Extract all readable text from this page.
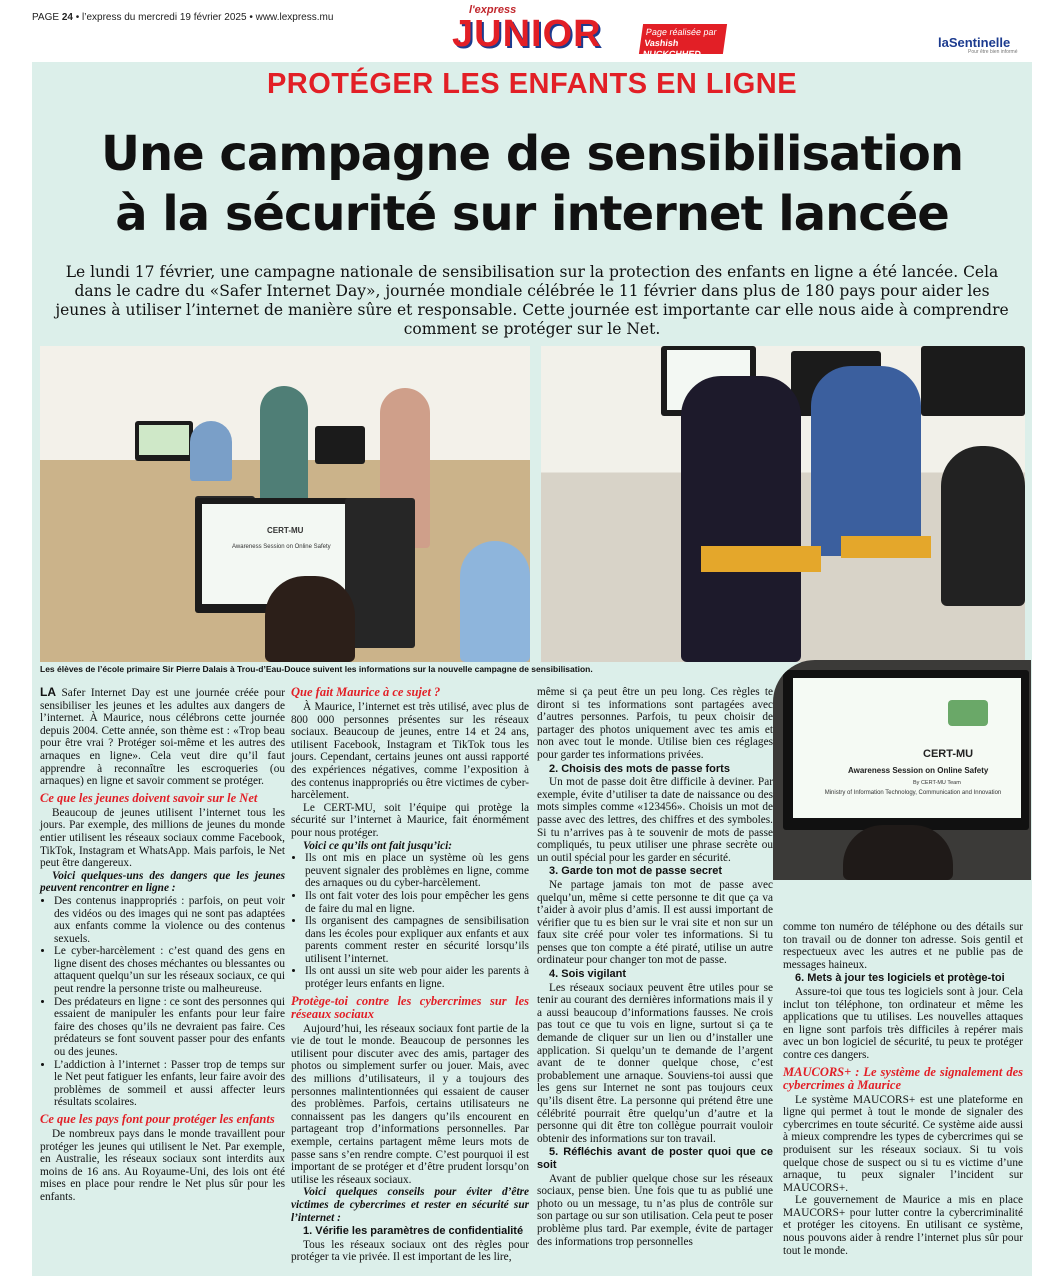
PAGE 24 • l’express du mercredi 19 février 2025 • www.lexpress.mu
l'express
JUNIOR	Page réalisée par
Vashish NUCKCHHED
laSentinelle
Pour être bien informé
PROTÉGER LES ENFANTS EN LIGNE
Une campagne de sensibilisation
à la sécurité sur internet lancée
Le lundi 17 février, une campagne nationale de sensibilisation sur la protection des enfants en ligne a été lancée. Cela dans le cadre du «Safer Internet Day», journée mondiale célébrée le 11 février dans plus de 180 pays pour aider les jeunes à utiliser l’internet de manière sûre et responsable. Cette journée est importante car elle nous aide à comprendre comment se protéger sur le Net.
CERT-MU
Awareness Session on Online Safety
Les élèves de l’école primaire Sir Pierre Dalais à Trou-d’Eau-Douce suivent les informations sur la nouvelle campagne de sensibilisation.
CERT-MU
Awareness Session on Online Safety
By CERT-MU Team
Ministry of Information Technology, Communication and Innovation

LA Safer Internet Day est une journée créée pour sensibiliser les jeunes et les adultes aux dangers de l’internet. À Maurice, nous célébrons cette journée depuis 2004. Cette année, son thème est : «Trop beau pour être vrai ? Protéger soi-même et les autres des arnaques en ligne». Cela veut dire qu’il faut apprendre à reconnaître les escroqueries (ou arnaques) en ligne et savoir comment se protéger.

Ce que les jeunes doivent savoir sur le Net

Beaucoup de jeunes utilisent l’internet tous les jours. Par exemple, des millions de jeunes du monde entier utilisent les réseaux sociaux comme Facebook, TikTok, Instagram et WhatsApp. Mais parfois, le Net peut être dangereux.

Voici quelques-uns des dangers que les jeunes peuvent rencontrer en ligne :

• Des contenus inappropriés : parfois, on peut voir des vidéos ou des images qui ne sont pas adaptées aux enfants comme la violence ou des contenus sexuels.
• Le cyber-harcèlement : c’est quand des gens en ligne disent des choses méchantes ou blessantes ou attaquent quelqu’un sur les réseaux sociaux, ce qui peut rendre la personne triste ou malheureuse.
• Des prédateurs en ligne : ce sont des personnes qui essaient de manipuler les enfants pour leur faire faire des choses qu’ils ne devraient pas faire. Ces prédateurs se font souvent passer pour des enfants ou des jeunes.
• L’addiction à l’internet : Passer trop de temps sur le Net peut fatiguer les enfants, leur faire avoir des problèmes de sommeil et aussi affecter leurs résultats scolaires.
Ce que les pays font pour protéger les enfants

De nombreux pays dans le monde travaillent pour protéger les jeunes qui utilisent le Net. Par exemple, en Australie, les réseaux sociaux sont interdits aux moins de 16 ans. Au Royaume-Uni, des lois ont été mises en place pour rendre le Net plus sûr pour les enfants.

Que fait Maurice à ce sujet ?

À Maurice, l’internet est très utilisé, avec plus de 800 000 personnes présentes sur les réseaux sociaux. Beaucoup de jeunes, entre 14 et 24 ans, utilisent Facebook, Instagram et TikTok tous les jours. Cependant, certains jeunes ont aussi rapporté des expériences négatives, comme l’exposition à des contenus inappropriés ou être victimes de cyber-harcèlement.

Le CERT-MU, soit l’équipe qui protège la sécurité sur l’internet à Maurice, fait énormément pour nous protéger.

Voici ce qu’ils ont fait jusqu’ici:

• Ils ont mis en place un système où les gens peuvent signaler des problèmes en ligne, comme des arnaques ou du cyber-harcèlement.
• Ils ont fait voter des lois pour empêcher les gens de faire du mal en ligne.
• Ils organisent des campagnes de sensibilisation dans les écoles pour expliquer aux enfants et aux parents comment rester en sécurité lorsqu’ils utilisent l’internet.
• Ils ont aussi un site web pour aider les parents à protéger leurs enfants en ligne.
Protège-toi contre les cybercrimes sur les réseaux sociaux

Aujourd’hui, les réseaux sociaux font partie de la vie de tout le monde. Beaucoup de personnes les utilisent pour discuter avec des amis, partager des photos ou simplement surfer ou jouer. Mais, avec des millions d’utilisateurs, il y a toujours des personnes malintentionnées qui essaient de causer des problèmes. Parfois, certains utilisateurs ne connaissent pas les dangers qu’ils encourent en partageant trop d’informations personnelles. Par exemple, certains partagent même leurs mots de passe sans s’en rendre compte. C’est pourquoi il est important de se protéger et d’être prudent lorsqu’on utilise les réseaux sociaux.

Voici quelques conseils pour éviter d’être victimes de cybercrimes et rester en sécurité sur l’internet :

1. Vérifie les paramètres de confidentialité

Tous les réseaux sociaux ont des règles pour protéger ta vie privée. Il est important de les lire,

même si ça peut être un peu long. Ces règles te diront si tes informations sont partagées avec d’autres personnes. Parfois, tu peux choisir de partager des photos uniquement avec tes amis et non avec tout le monde. Utilise bien ces réglages pour garder tes informations privées.

2. Choisis des mots de passe forts

Un mot de passe doit être difficile à deviner. Par exemple, évite d’utiliser ta date de naissance ou des mots simples comme «123456». Choisis un mot de passe avec des lettres, des chiffres et des symboles. Si tu n’arrives pas à te souvenir de mots de passe compliqués, tu peux utiliser une phrase secrète ou un outil spécial pour les garder en sécurité.

3. Garde ton mot de passe secret

Ne partage jamais ton mot de passe avec quelqu’un, même si cette personne te dit que ça va t’aider à avoir plus d’amis. Il est aussi important de vérifier que tu es bien sur le vrai site et non sur un faux site créé pour voler tes informations. Si tu penses que ton compte a été piraté, utilise un autre ordinateur pour changer ton mot de passe.

4. Sois vigilant

Les réseaux sociaux peuvent être utiles pour se tenir au courant des dernières informations mais il y a aussi beaucoup d’informations fausses. Ne crois pas tout ce que tu vois en ligne, surtout si ça te demande de cliquer sur un lien ou d’installer une application. Si quelqu’un te demande de l’argent avant de te donner quelque chose, c’est probablement une arnaque. Souviens-toi aussi que les gens sur Internet ne sont pas toujours ceux qu’ils disent être. La personne qui prétend être une célébrité pourrait être quelqu’un d’autre et la personne qui dit être ton collègue pourrait vouloir obtenir des informations sur ton travail.

5. Réfléchis avant de poster quoi que ce soit

Avant de publier quelque chose sur les réseaux sociaux, pense bien. Une fois que tu as publié une photo ou un message, tu n’as plus de contrôle sur son partage ou sur son utilisation. Cela peut te poser problème plus tard. Par exemple, évite de partager des informations trop personnelles

comme ton numéro de téléphone ou des détails sur ton travail ou de donner ton adresse. Sois gentil et respectueux avec les autres et ne publie pas de messages haineux.

6. Mets à jour tes logiciels et protège-toi

Assure-toi que tous tes logiciels sont à jour. Cela inclut ton téléphone, ton ordinateur et même les applications que tu utilises. Les nouvelles attaques en ligne sont parfois très difficiles à repérer mais avec un bon logiciel de sécurité, tu peux te protéger contre ces dangers.

MAUCORS+ : Le système de signalement des cybercrimes à Maurice

Le système MAUCORS+ est une plateforme en ligne qui permet à tout le monde de signaler des cybercrimes en toute sécurité. Ce système aide aussi à mieux comprendre les types de cybercrimes qui se produisent sur les réseaux sociaux. Si tu vois quelque chose de suspect ou si tu es victime d’une arnaque, tu peux signaler l’incident sur MAUCORS+.

Le gouvernement de Maurice a mis en place MAUCORS+ pour lutter contre la cybercriminalité et protéger les citoyens. En utilisant ce système, nous pouvons aider à rendre l’internet plus sûr pour tout le monde.
